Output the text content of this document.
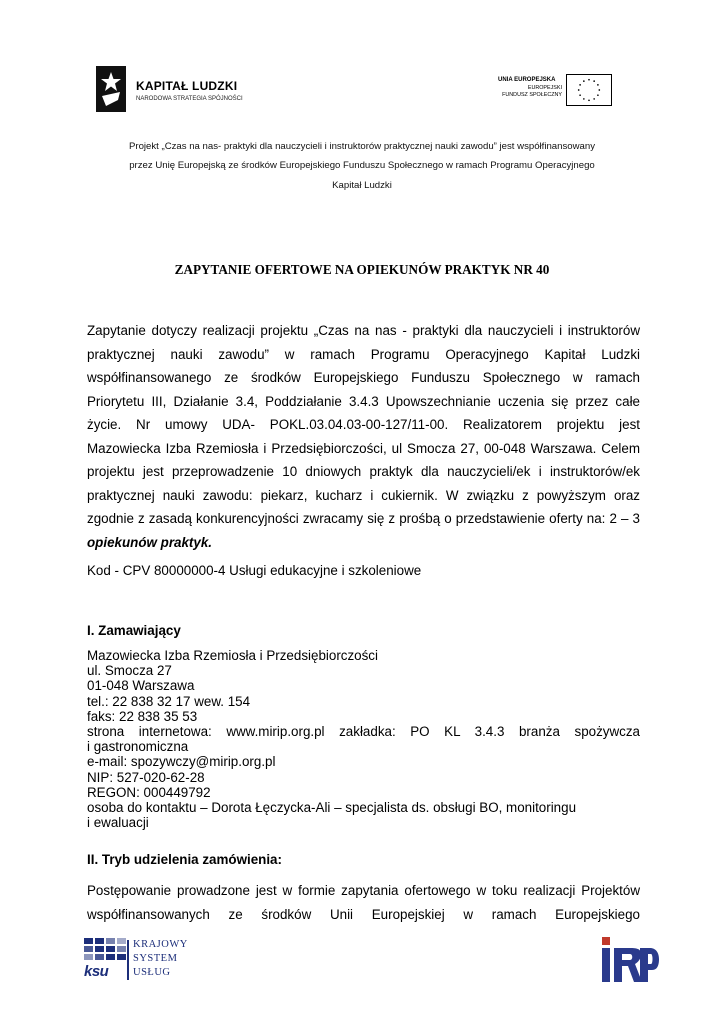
KAPITAŁ LUDZKI
NARODOWA STRATEGIA SPÓJNOŚCI
UNIA EUROPEJSKA
EUROPEJSKI
FUNDUSZ SPOŁECZNY
Projekt „Czas na nas- praktyki dla nauczycieli i instruktorów praktycznej nauki zawodu” jest współfinansowany
przez Unię Europejską ze środków Europejskiego Funduszu Społecznego w ramach Programu Operacyjnego
Kapitał Ludzki
ZAPYTANIE OFERTOWE NA OPIEKUNÓW PRAKTYK NR 40
Zapytanie dotyczy realizacji projektu „Czas na nas - praktyki dla nauczycieli i instruktorów
praktycznej nauki zawodu” w ramach Programu Operacyjnego Kapitał Ludzki
współfinansowanego ze środków Europejskiego Funduszu Społecznego w ramach
Priorytetu III, Działanie 3.4, Poddziałanie 3.4.3 Upowszechnianie uczenia się przez całe
życie. Nr umowy UDA- POKL.03.04.03-00-127/11-00. Realizatorem projektu jest
Mazowiecka Izba Rzemiosła i Przedsiębiorczości, ul Smocza 27, 00-048 Warszawa. Celem
projektu jest przeprowadzenie 10 dniowych praktyk dla nauczycieli/ek i instruktorów/ek
praktycznej nauki zawodu: piekarz, kucharz i cukiernik. W związku z powyższym oraz
zgodnie z zasadą konkurencyjności zwracamy się z prośbą o przedstawienie oferty na: 2 – 3
opiekunów praktyk.
Kod - CPV 80000000-4 Usługi edukacyjne i szkoleniowe
I. Zamawiający
Mazowiecka Izba Rzemiosła i Przedsiębiorczości
ul. Smocza 27
01-048 Warszawa
tel.: 22 838 32 17 wew. 154
faks: 22 838 35 53
strona internetowa: www.mirip.org.pl zakładka: PO KL 3.4.3 branża spożywcza
i gastronomiczna
e-mail: spozywczy@mirip.org.pl
NIP: 527-020-62-28
REGON: 000449792
osoba do kontaktu – Dorota Łęczycka-Ali – specjalista ds. obsługi BO, monitoringu
i ewaluacji
II. Tryb udzielenia zamówienia:
Postępowanie prowadzone jest w formie zapytania ofertowego w toku realizacji Projektów
współfinansowanych ze środków Unii Europejskiej w ramach Europejskiego
ksu
KRAJOWY
SYSTEM
USŁUG
